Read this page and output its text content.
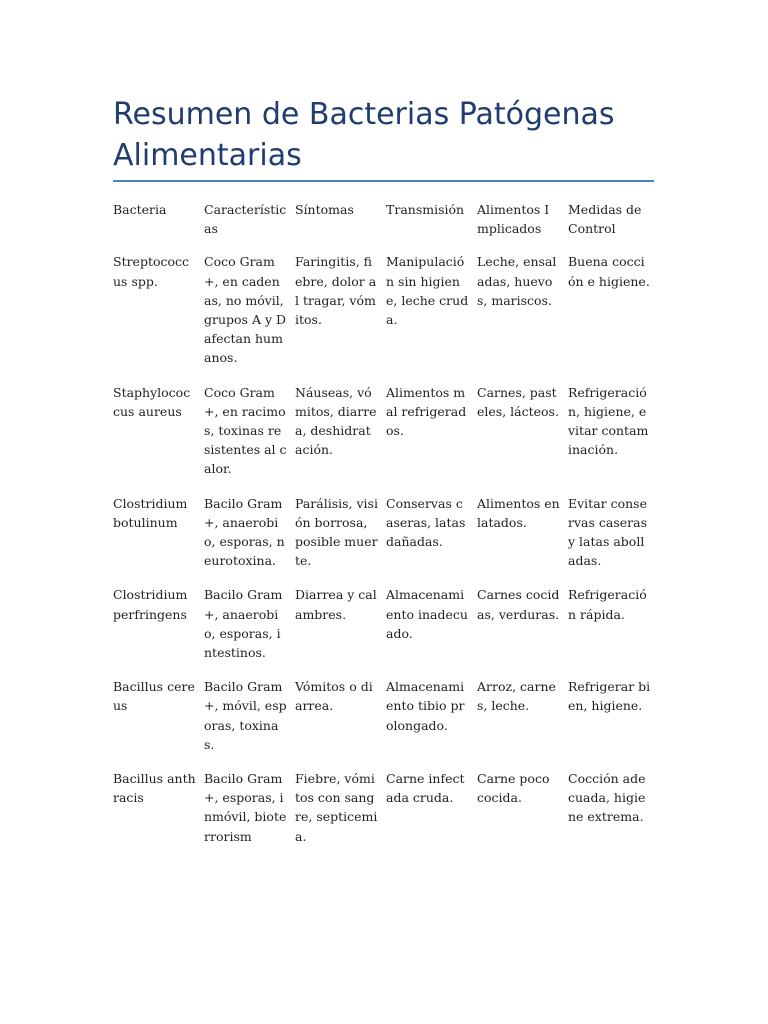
Resumen de Bacterias Patógenas Alimentarias
Bacteria	Características	Síntomas	Transmisión	Alimentos Implicados	Medidas de Control
Streptococcus spp.	Coco Gram+, en cadenas, no móvil, grupos A y D afectan humanos.	Faringitis, fiebre, dolor al tragar, vómitos.	Manipulación sin higiene, leche cruda.	Leche, ensaladas, huevos, mariscos.	Buena cocción e higiene.
Staphylococcus aureus	Coco Gram+, en racimos, toxinas resistentes al calor.	Náuseas, vómitos, diarrea, deshidratación.	Alimentos mal refrigerados.	Carnes, pasteles, lácteos.	Refrigeración, higiene, evitar contaminación.
Clostridium botulinum	Bacilo Gram+, anaerobio, esporas, neurotoxina.	Parálisis, visión borrosa, posible muerte.	Conservas caseras, latas dañadas.	Alimentos enlatados.	Evitar conservas caseras y latas abolladas.
Clostridium perfringens	Bacilo Gram+, anaerobio, esporas, intestinos.	Diarrea y calambres.	Almacenamiento inadecuado.	Carnes cocidas, verduras.	Refrigeración rápida.
Bacillus cereus	Bacilo Gram+, móvil, esporas, toxinas.	Vómitos o diarrea.	Almacenamiento tibio prolongado.	Arroz, carnes, leche.	Refrigerar bien, higiene.
Bacillus anthracis	Bacilo Gram+, esporas, inmóvil, bioterrorism	Fiebre, vómitos con sangre, septicemia.	Carne infectada cruda.	Carne poco cocida.	Cocción adecuada, higiene extrema.
